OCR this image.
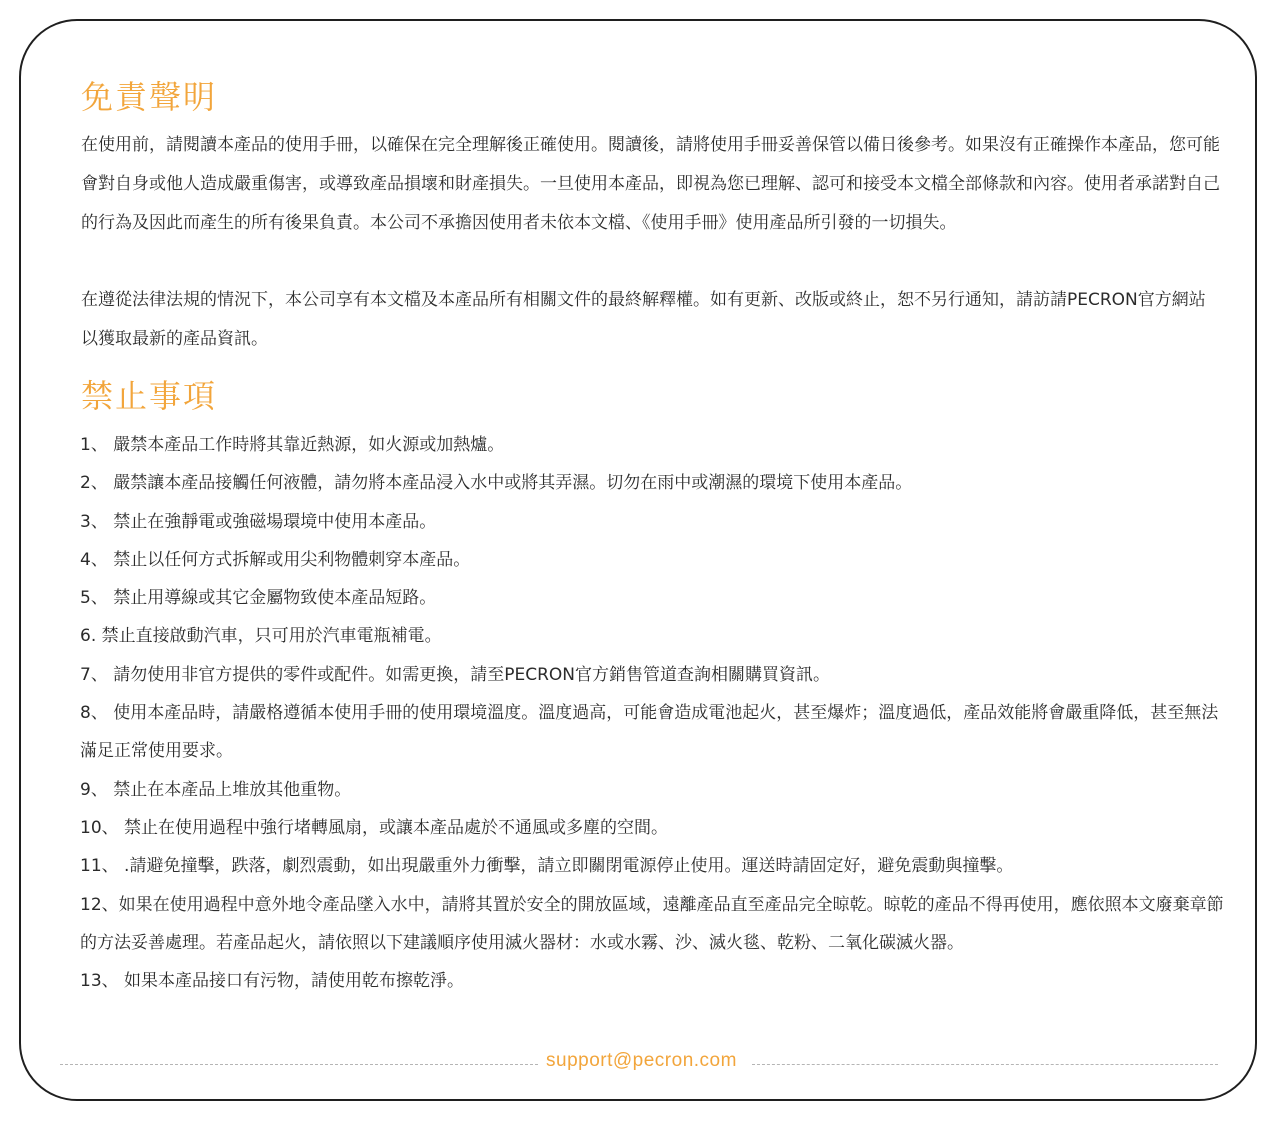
免責聲明

在使用前，請閱讀本產品的使用手冊，以確保在完全理解後正確使用。閱讀後，請將使用手冊妥善保管以備日後參考。如果沒有正確操作本產品，您可能會對自身或他人造成嚴重傷害，或導致產品損壞和財產損失。一旦使用本產品，即視為您已理解、認可和接受本文檔全部條款和內容。使用者承諾對自己的行為及因此而產生的所有後果負責。本公司不承擔因使用者未依本文檔、《使用手冊》使用產品所引發的一切損失。

在遵從法律法規的情況下，本公司享有本文檔及本產品所有相關文件的最終解釋權。如有更新、改版或終止，恕不另行通知，請訪請PECRON官方網站以獲取最新的產品資訊。

禁止事項
1、 嚴禁本產品工作時將其靠近熱源，如火源或加熱爐。
2、 嚴禁讓本產品接觸任何液體，請勿將本產品浸入水中或將其弄濕。切勿在雨中或潮濕的環境下使用本產品。
3、 禁止在強靜電或強磁場環境中使用本產品。
4、 禁止以任何方式拆解或用尖利物體刺穿本產品。
5、 禁止用導線或其它金屬物致使本產品短路。
6. 禁止直接啟動汽車，只可用於汽車電瓶補電。
7、 請勿使用非官方提供的零件或配件。如需更換，請至PECRON官方銷售管道查詢相關購買資訊。
8、 使用本產品時，請嚴格遵循本使用手冊的使用環境溫度。溫度過高，可能會造成電池起火，甚至爆炸；溫度過低，產品效能將會嚴重降低，甚至無法滿足正常使用要求。
9、 禁止在本產品上堆放其他重物。
10、 禁止在使用過程中強行堵轉風扇，或讓本產品處於不通風或多塵的空間。
11、 .請避免撞擊，跌落，劇烈震動，如出現嚴重外力衝擊，請立即關閉電源停止使用。運送時請固定好，避免震動與撞擊。
12、如果在使用過程中意外地令產品墜入水中，請將其置於安全的開放區域，遠離產品直至產品完全晾乾。晾乾的產品不得再使用，應依照本文廢棄章節的方法妥善處理。若產品起火，請依照以下建議順序使用滅火器材：水或水霧、沙、滅火毯、乾粉、二氧化碳滅火器。
13、 如果本產品接口有污物，請使用乾布擦乾淨。
support@pecron.com
